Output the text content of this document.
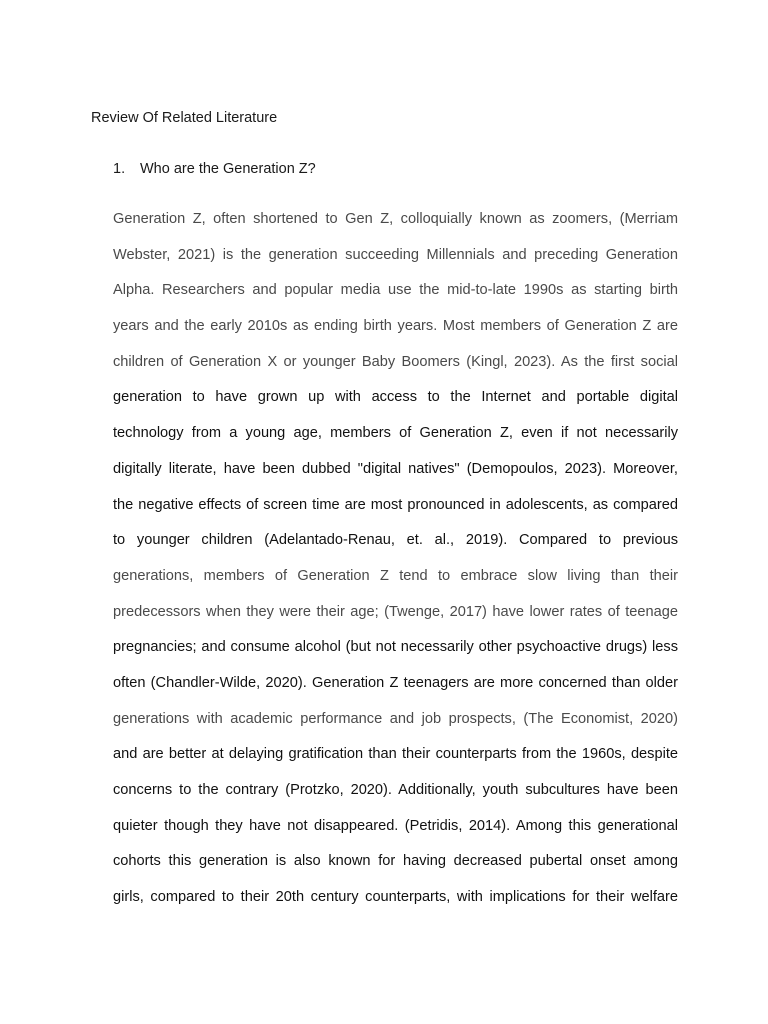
Review Of Related Literature
1.	Who are the Generation Z?
Generation Z, often shortened to Gen Z, colloquially known as zoomers, (Merriam
Webster, 2021) is the generation succeeding Millennials and preceding Generation
Alpha. Researchers and popular media use the mid-to-late 1990s as starting birth
years and the early 2010s as ending birth years. Most members of Generation Z are
children of Generation X or younger Baby Boomers (Kingl, 2023). As the first social
generation to have grown up with access to the Internet and portable digital
technology from a young age, members of Generation Z, even if not necessarily
digitally literate, have been dubbed "digital natives" (Demopoulos, 2023). Moreover,
the negative effects of screen time are most pronounced in adolescents, as compared
to younger children (Adelantado-Renau, et. al., 2019). Compared to previous
generations, members of Generation Z tend to embrace slow living than their
predecessors when they were their age; (Twenge, 2017) have lower rates of teenage
pregnancies; and consume alcohol (but not necessarily other psychoactive drugs) less
often (Chandler-Wilde, 2020). Generation Z teenagers are more concerned than older
generations with academic performance and job prospects, (The Economist, 2020)
and are better at delaying gratification than their counterparts from the 1960s, despite
concerns to the contrary (Protzko, 2020). Additionally, youth subcultures have been
quieter though they have not disappeared. (Petridis, 2014). Among this generational
cohorts this generation is also known for having decreased pubertal onset among
girls, compared to their 20th century counterparts, with implications for their welfare
